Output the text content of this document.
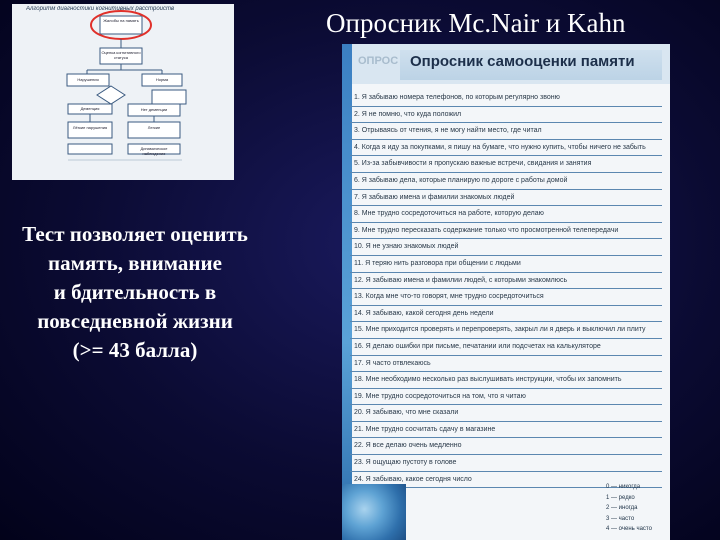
Алгоритм диагностики когнитивных расстройств
Жалобы на память
Оценка когнитивного статуса
Нарушения	Норма
Деменция	Нет деменции
Лёгкие нарушения	Легкие
Динамическое наблюдение
Опросник Mc.Nair и Kahn
Тест позволяет оценить
память, внимание
и бдительность в
повседневной жизни
(>= 43 балла)
ОПРОС Опросник самооценки памяти
1. Я забываю номера телефонов, по которым регулярно звоню
2. Я не помню, что куда положил
3. Отрываясь от чтения, я не могу найти место, где читал
4. Когда я иду за покупками, я пишу на бумаге, что нужно купить, чтобы ничего не забыть
5. Из-за забывчивости я пропускаю важные встречи, свидания и занятия
6. Я забываю дела, которые планирую по дороге с работы домой
7. Я забываю имена и фамилии знакомых людей
8. Мне трудно сосредоточиться на работе, которую делаю
9. Мне трудно пересказать содержание только что просмотренной телепередачи
10. Я не узнаю знакомых людей
11. Я теряю нить разговора при общении с людьми
12. Я забываю имена и фамилии людей, с которыми знакомлюсь
13. Когда мне что-то говорят, мне трудно сосредоточиться
14. Я забываю, какой сегодня день недели
15. Мне приходится проверять и перепроверять, закрыл ли я дверь и выключил ли плиту
16. Я делаю ошибки при письме, печатании или подсчетах на калькуляторе
17. Я часто отвлекаюсь
18. Мне необходимо несколько раз выслушивать инструкции, чтобы их запомнить
19. Мне трудно сосредоточиться на том, что я читаю
20. Я забываю, что мне сказали
21. Мне трудно сосчитать сдачу в магазине
22. Я все делаю очень медленно
23. Я ощущаю пустоту в голове
24. Я забываю, какое сегодня число
0 — никогда
1 — редко
2 — иногда
3 — часто
4 — очень часто
